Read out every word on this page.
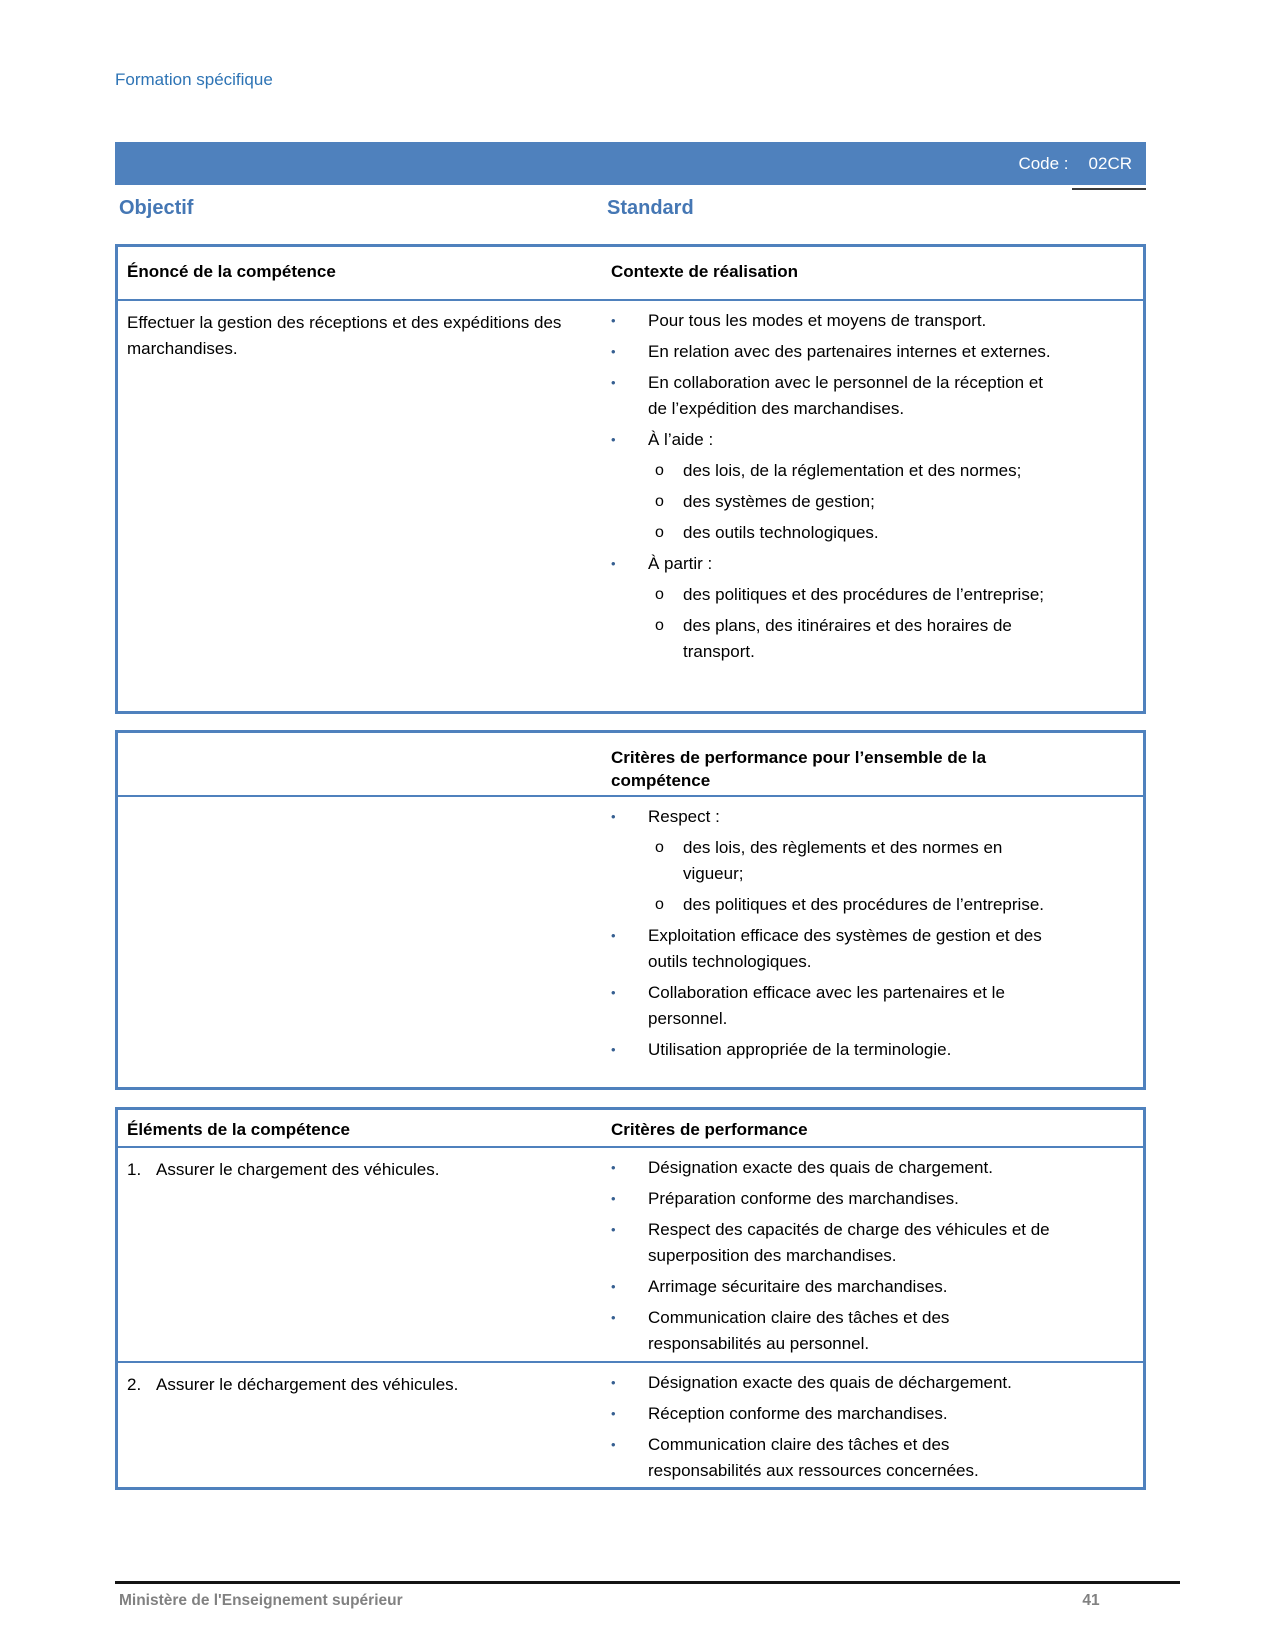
Formation spécifique
Code : 02CR
Objectif	Standard
Énoncé de la compétence	Contexte de réalisation
Effectuer la gestion des réceptions et des expéditions des marchandises.
•	Pour tous les modes et moyens de transport.
•	En relation avec des partenaires internes et externes.
•	En collaboration avec le personnel de la réception et de l’expédition des marchandises.
•	À l’aide :
o	des lois, de la réglementation et des normes;
o	des systèmes de gestion;
o	des outils technologiques.
•	À partir :
o	des politiques et des procédures de l’entreprise;
o	des plans, des itinéraires et des horaires de transport.
Critères de performance pour l’ensemble de la compétence
•	Respect :
o	des lois, des règlements et des normes en vigueur;
o	des politiques et des procédures de l’entreprise.
•	Exploitation efficace des systèmes de gestion et des outils technologiques.
•	Collaboration efficace avec les partenaires et le personnel.
•	Utilisation appropriée de la terminologie.
Éléments de la compétence	Critères de performance
1. Assurer le chargement des véhicules.	•	Désignation exacte des quais de chargement.
•	Préparation conforme des marchandises.
•	Respect des capacités de charge des véhicules et de superposition des marchandises.
•	Arrimage sécuritaire des marchandises.
•	Communication claire des tâches et des responsabilités au personnel.
2. Assurer le déchargement des véhicules.	•	Désignation exacte des quais de déchargement.
•	Réception conforme des marchandises.
•	Communication claire des tâches et des responsabilités aux ressources concernées.
Ministère de l'Enseignement supérieur	41
